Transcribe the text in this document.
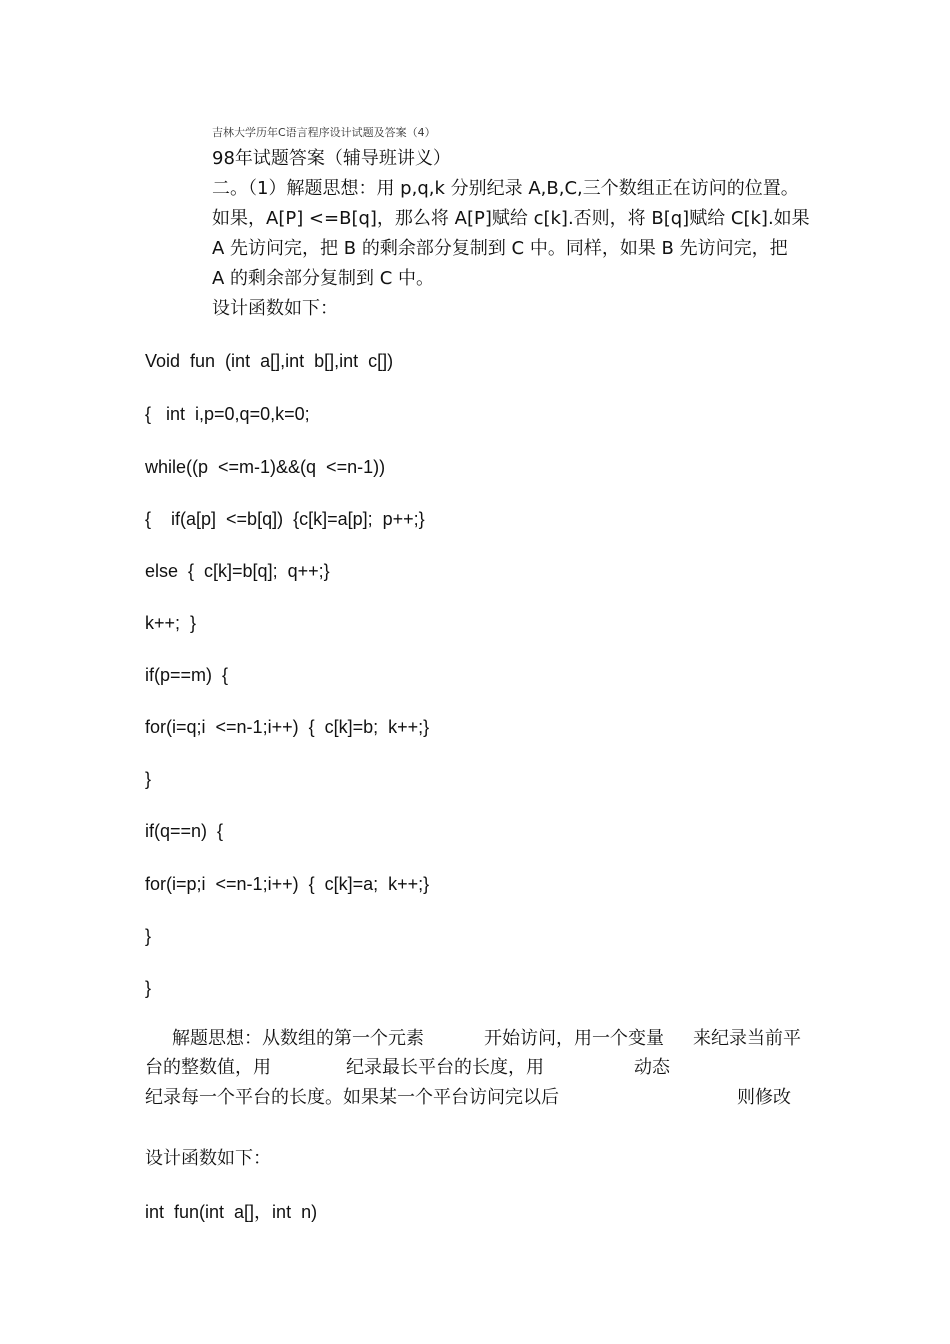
吉林大学历年C语言程序设计试题及答案（4）
98年试题答案（辅导班讲义）
二。（1）解题思想：用 p,q,k 分别纪录 A,B,C,三个数组正在访问的位置。
如果，A[P] <=B[q]，那么将 A[P]赋给 c[k].否则，将 B[q]赋给 C[k].如果
A 先访问完，把 B 的剩余部分复制到 C 中。同样，如果 B 先访问完，把
A 的剩余部分复制到 C 中。
设计函数如下：
Void  fun  (int  a[],int  b[],int  c[])
{   int  i,p=0,q=0,k=0;
while((p  <=m-1)&&(q  <=n-1))
{    if(a[p]  <=b[q])  {c[k]=a[p];  p++;}
else  {  c[k]=b[q];  q++;}
k++;  }
if(p==m)  {
for(i=q;i  <=n-1;i++)  {  c[k]=b;  k++;}
}
if(q==n)  {
for(i=p;i  <=n-1;i++)  {  c[k]=a;  k++;}
}
}
解题思想：从数组的第一个元素	开始访问，用一个变量 来纪录当前平
台的整数值，用	纪录最长平台的长度，用	动态
纪录每一个平台的长度。如果某一个平台访问完以后	则修改
设计函数如下：
int  fun(int  a[]，int  n)
